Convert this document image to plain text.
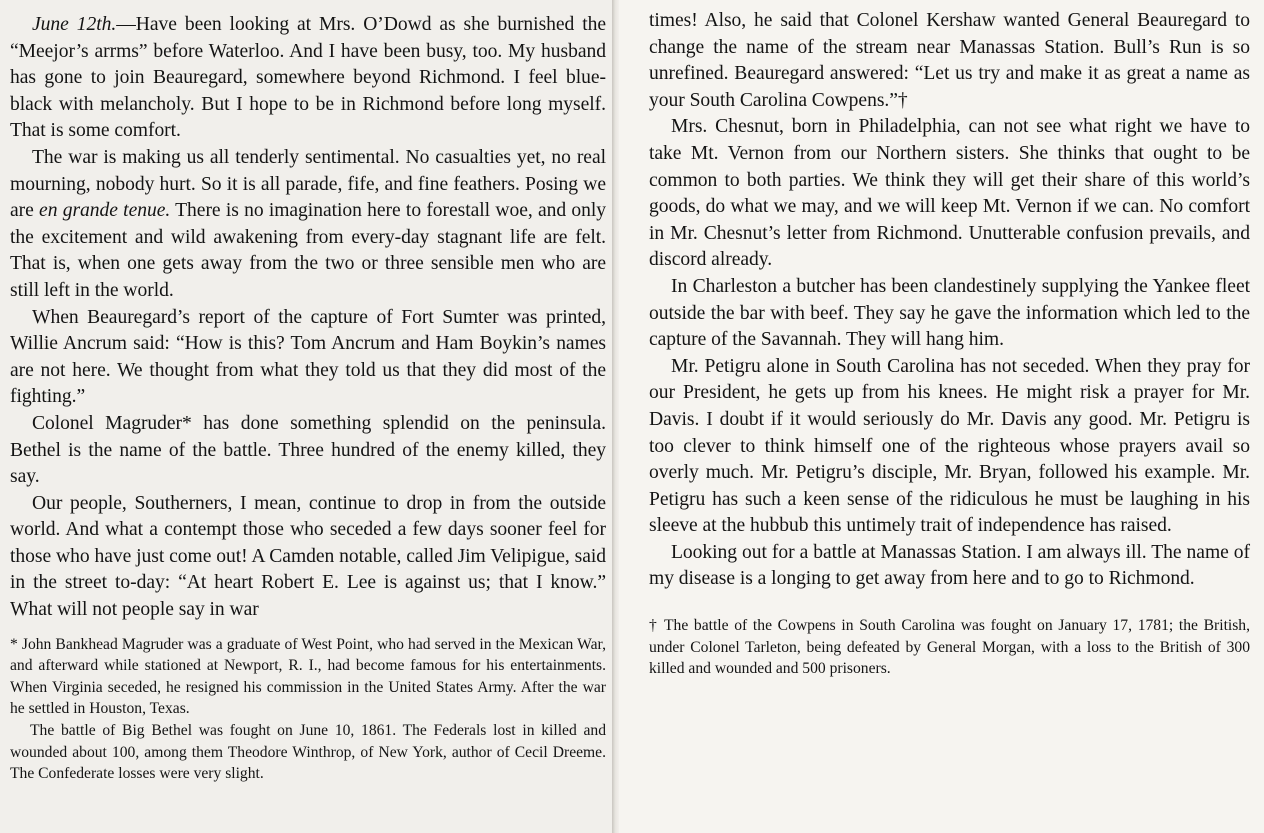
June 12th.—Have been looking at Mrs. O’Dowd as she burnished the “Meejor’s arrms” before Waterloo. And I have been busy, too. My husband has gone to join Beauregard, somewhere beyond Richmond. I feel blue-black with melancholy. But I hope to be in Richmond before long myself. That is some comfort.

The war is making us all tenderly sentimental. No casualties yet, no real mourning, nobody hurt. So it is all parade, fife, and fine feathers. Posing we are en grande tenue. There is no imagination here to forestall woe, and only the excitement and wild awakening from every-day stagnant life are felt. That is, when one gets away from the two or three sensible men who are still left in the world.

When Beauregard’s report of the capture of Fort Sumter was printed, Willie Ancrum said: “How is this? Tom Ancrum and Ham Boykin’s names are not here. We thought from what they told us that they did most of the fighting.”

Colonel Magruder* has done something splendid on the peninsula. Bethel is the name of the battle. Three hundred of the enemy killed, they say.

Our people, Southerners, I mean, continue to drop in from the outside world. And what a contempt those who seceded a few days sooner feel for those who have just come out! A Camden notable, called Jim Velipigue, said in the street to-day: “At heart Robert E. Lee is against us; that I know.” What will not people say in war

* John Bankhead Magruder was a graduate of West Point, who had served in the Mexican War, and afterward while stationed at Newport, R. I., had become famous for his entertainments. When Virginia seceded, he resigned his commission in the United States Army. After the war he settled in Houston, Texas.

The battle of Big Bethel was fought on June 10, 1861. The Federals lost in killed and wounded about 100, among them Theodore Winthrop, of New York, author of Cecil Dreeme. The Confederate losses were very slight.

times! Also, he said that Colonel Kershaw wanted General Beauregard to change the name of the stream near Manassas Station. Bull’s Run is so unrefined. Beauregard answered: “Let us try and make it as great a name as your South Carolina Cowpens.”†

Mrs. Chesnut, born in Philadelphia, can not see what right we have to take Mt. Vernon from our Northern sisters. She thinks that ought to be common to both parties. We think they will get their share of this world’s goods, do what we may, and we will keep Mt. Vernon if we can. No comfort in Mr. Chesnut’s letter from Richmond. Unutterable confusion prevails, and discord already.

In Charleston a butcher has been clandestinely supplying the Yankee fleet outside the bar with beef. They say he gave the information which led to the capture of the Savannah. They will hang him.

Mr. Petigru alone in South Carolina has not seceded. When they pray for our President, he gets up from his knees. He might risk a prayer for Mr. Davis. I doubt if it would seriously do Mr. Davis any good. Mr. Petigru is too clever to think himself one of the righteous whose prayers avail so overly much. Mr. Petigru’s disciple, Mr. Bryan, followed his example. Mr. Petigru has such a keen sense of the ridiculous he must be laughing in his sleeve at the hubbub this untimely trait of independence has raised.

Looking out for a battle at Manassas Station. I am always ill. The name of my disease is a longing to get away from here and to go to Richmond.

† The battle of the Cowpens in South Carolina was fought on January 17, 1781; the British, under Colonel Tarleton, being defeated by General Morgan, with a loss to the British of 300 killed and wounded and 500 prisoners.
